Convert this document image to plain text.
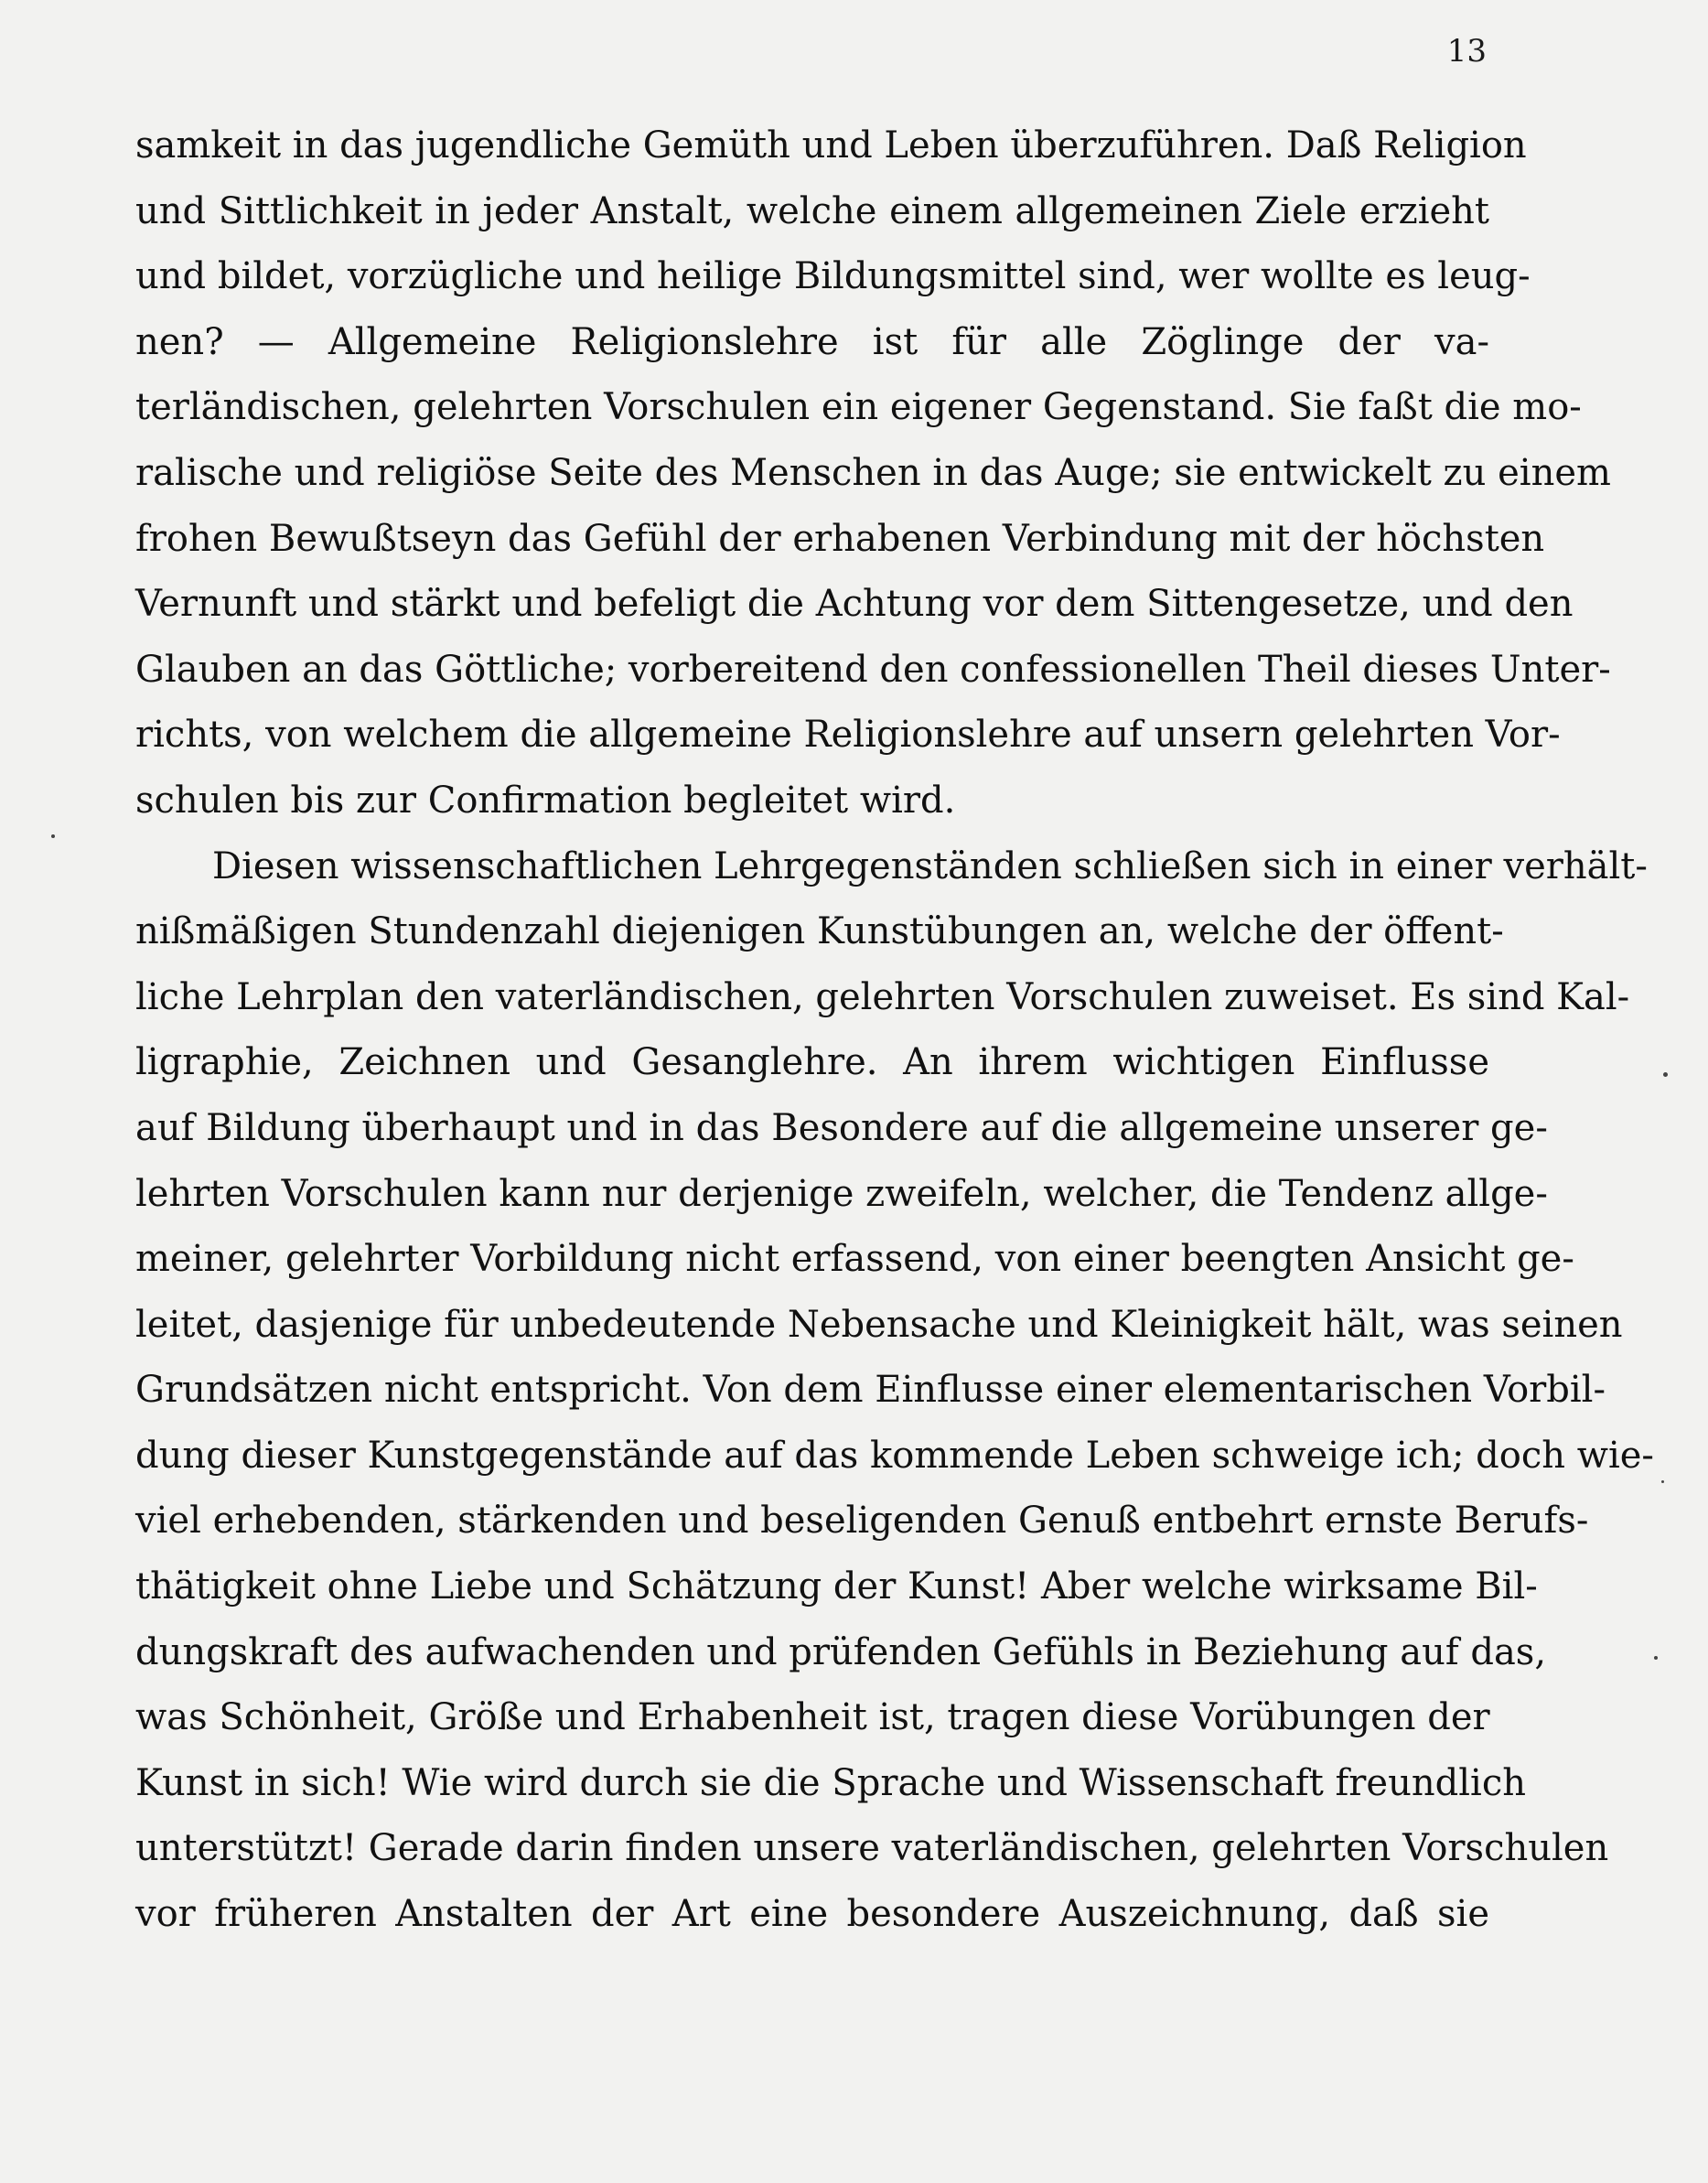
13
samkeit in das jugendliche Gemüth und Leben überzuführen. Daß Religion
und Sittlichkeit in jeder Anstalt, welche einem allgemeinen Ziele erzieht
und bildet, vorzügliche und heilige Bildungsmittel sind, wer wollte es leug-
nen? — Allgemeine Religionslehre ist für alle Zöglinge der va-
terländischen, gelehrten Vorschulen ein eigener Gegenstand. Sie faßt die mo-
ralische und religiöse Seite des Menschen in das Auge; sie entwickelt zu einem
frohen Bewußtseyn das Gefühl der erhabenen Verbindung mit der höchsten
Vernunft und stärkt und befeligt die Achtung vor dem Sittengesetze, und den
Glauben an das Göttliche; vorbereitend den confessionellen Theil dieses Unter-
richts, von welchem die allgemeine Religionslehre auf unsern gelehrten Vor-
schulen bis zur Confirmation begleitet wird.
Diesen wissenschaftlichen Lehrgegenständen schließen sich in einer verhält-
nißmäßigen Stundenzahl diejenigen Kunstübungen an, welche der öffent-
liche Lehrplan den vaterländischen, gelehrten Vorschulen zuweiset. Es sind Kal-
ligraphie, Zeichnen und Gesanglehre. An ihrem wichtigen Einflusse
auf Bildung überhaupt und in das Besondere auf die allgemeine unserer ge-
lehrten Vorschulen kann nur derjenige zweifeln, welcher, die Tendenz allge-
meiner, gelehrter Vorbildung nicht erfassend, von einer beengten Ansicht ge-
leitet, dasjenige für unbedeutende Nebensache und Kleinigkeit hält, was seinen
Grundsätzen nicht entspricht. Von dem Einflusse einer elementarischen Vorbil-
dung dieser Kunstgegenstände auf das kommende Leben schweige ich; doch wie-
viel erhebenden, stärkenden und beseligenden Genuß entbehrt ernste Berufs-
thätigkeit ohne Liebe und Schätzung der Kunst! Aber welche wirksame Bil-
dungskraft des aufwachenden und prüfenden Gefühls in Beziehung auf das,
was Schönheit, Größe und Erhabenheit ist, tragen diese Vorübungen der
Kunst in sich! Wie wird durch sie die Sprache und Wissenschaft freundlich
unterstützt! Gerade darin finden unsere vaterländischen, gelehrten Vorschulen
vor früheren Anstalten der Art eine besondere Auszeichnung, daß sie
